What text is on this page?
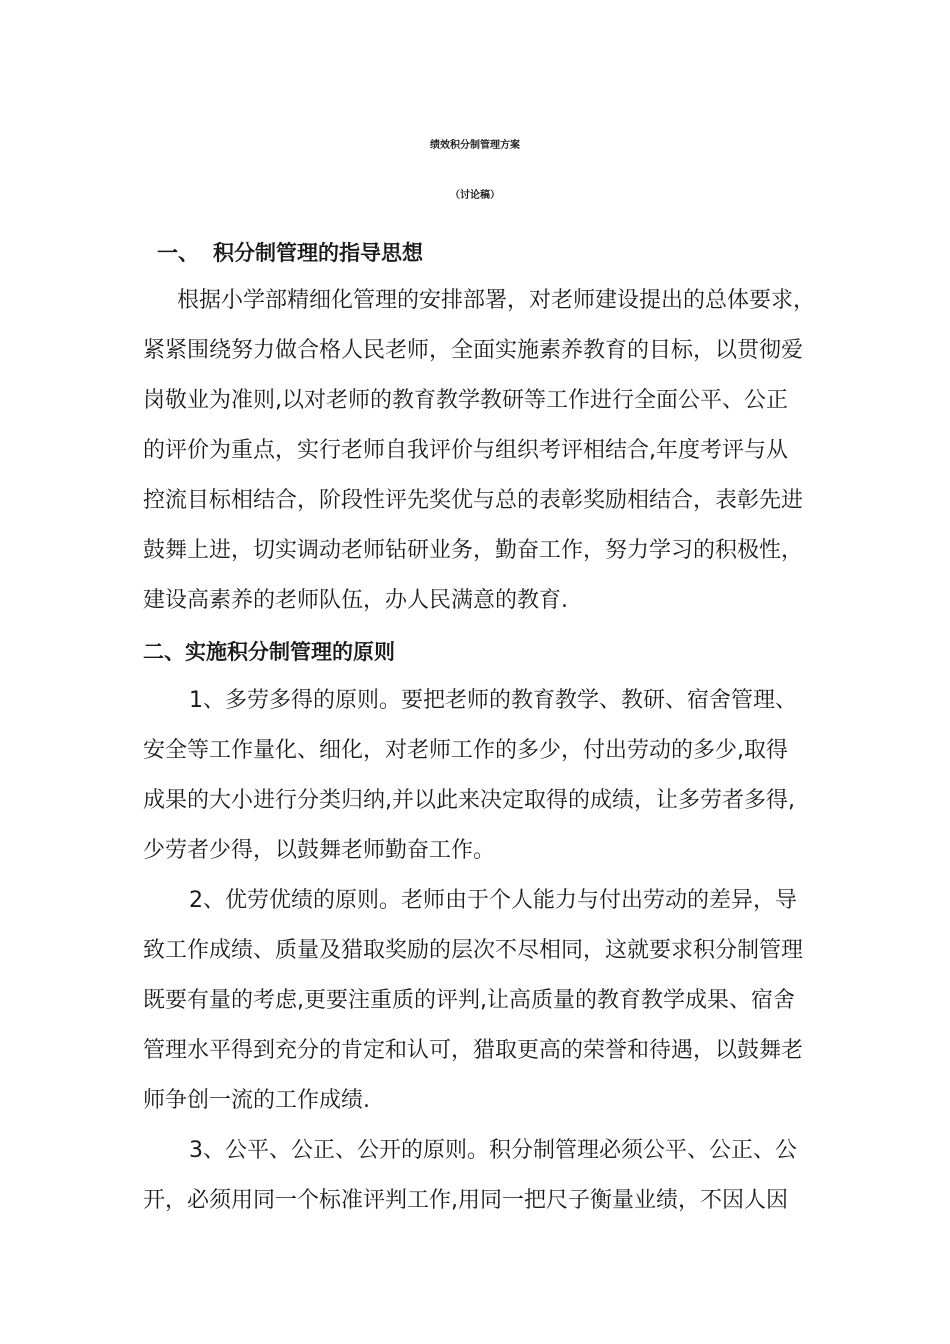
绩效积分制管理方案
（讨论稿）
一、 积分制管理的指导思想

根据小学部精细化管理的安排部署，对老师建设提出的总体要求，

紧紧围绕努力做合格人民老师，全面实施素养教育的目标，以贯彻爱

岗敬业为准则,以对老师的教育教学教研等工作进行全面公平、公正

的评价为重点，实行老师自我评价与组织考评相结合,年度考评与从

控流目标相结合，阶段性评先奖优与总的表彰奖励相结合，表彰先进

鼓舞上进，切实调动老师钻研业务，勤奋工作，努力学习的积极性，

建设高素养的老师队伍，办人民满意的教育.

二、实施积分制管理的原则

1、多劳多得的原则。要把老师的教育教学、教研、宿舍管理、

安全等工作量化、细化，对老师工作的多少，付出劳动的多少,取得

成果的大小进行分类归纳,并以此来决定取得的成绩，让多劳者多得,

少劳者少得，以鼓舞老师勤奋工作。

2、优劳优绩的原则。老师由于个人能力与付出劳动的差异，导

致工作成绩、质量及猎取奖励的层次不尽相同，这就要求积分制管理

既要有量的考虑,更要注重质的评判,让高质量的教育教学成果、宿舍

管理水平得到充分的肯定和认可，猎取更高的荣誉和待遇，以鼓舞老

师争创一流的工作成绩.

3、公平、公正、公开的原则。积分制管理必须公平、公正、公

开，必须用同一个标准评判工作,用同一把尺子衡量业绩，不因人因
